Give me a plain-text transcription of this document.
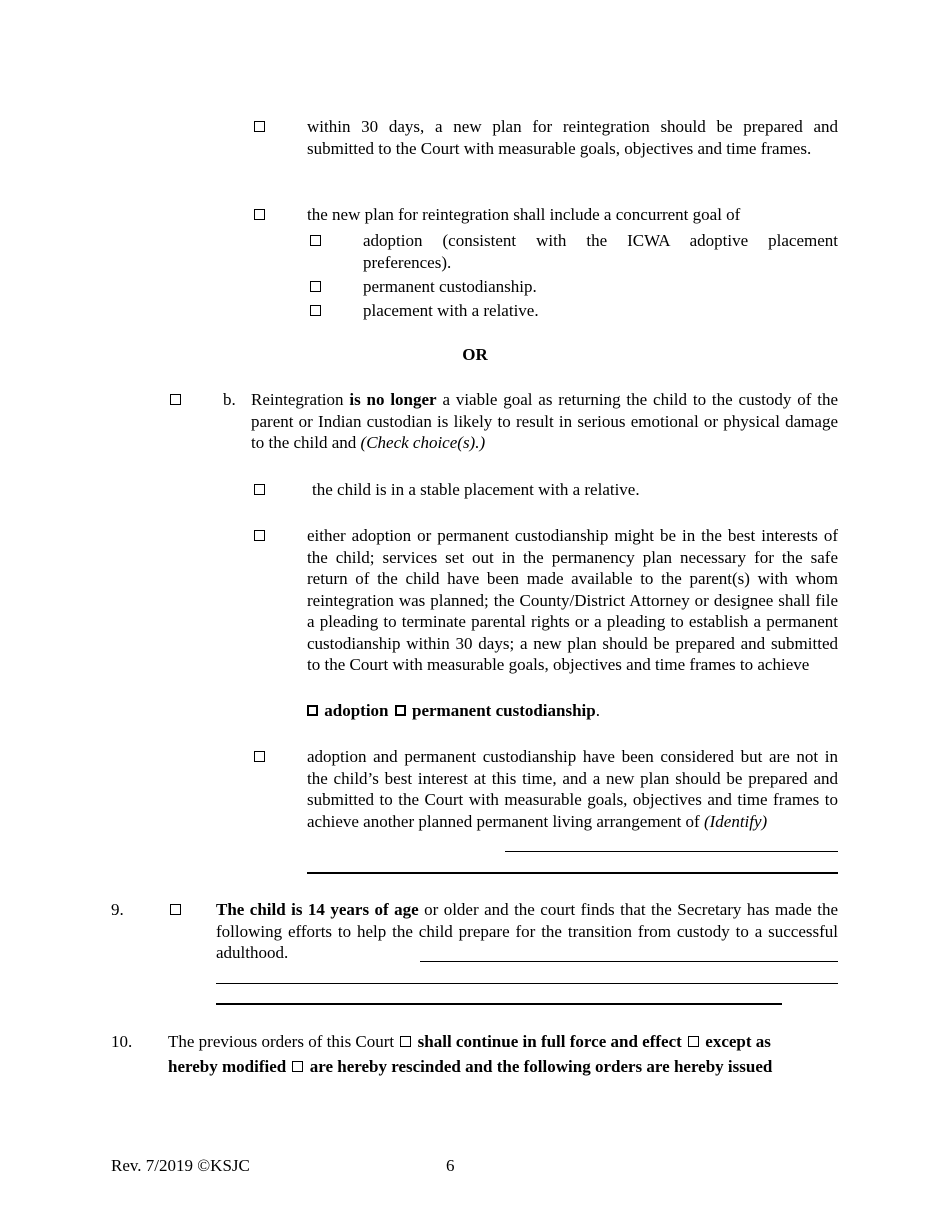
within 30 days, a new plan for reintegration should be prepared and submitted to the Court with measurable goals, objectives and time frames.
the new plan for reintegration shall include a concurrent goal of
adoption (consistent with the ICWA adoptive placement
preferences).
permanent custodianship.
placement with a relative.
OR
b. Reintegration is no longer a viable goal as returning the child to the custody of the parent or Indian custodian is likely to result in serious emotional or physical damage to the child and (Check choice(s).)
the child is in a stable placement with a relative.
either adoption or permanent custodianship might be in the best interests of the child; services set out in the permanency plan necessary for the safe return of the child have been made available to the parent(s) with whom reintegration was planned; the County/District Attorney or designee shall file a pleading to terminate parental rights or a pleading to establish a permanent custodianship within 30 days; a new plan should be prepared and submitted to the Court with measurable goals, objectives and time frames to achieve
adoption permanent custodianship.
adoption and permanent custodianship have been considered but are not in the child’s best interest at this time, and a new plan should be prepared and submitted to the Court with measurable goals, objectives and time frames to achieve another planned permanent living arrangement of (Identify)
9.	The child is 14 years of age or older and the court finds that the Secretary has made the following efforts to help the child prepare for the transition from custody to a successful adulthood.
10. The previous orders of this Court shall continue in full force and effect except as
hereby modified are hereby rescinded and the following orders are hereby issued
Rev. 7/2019 ©KSJC	6
